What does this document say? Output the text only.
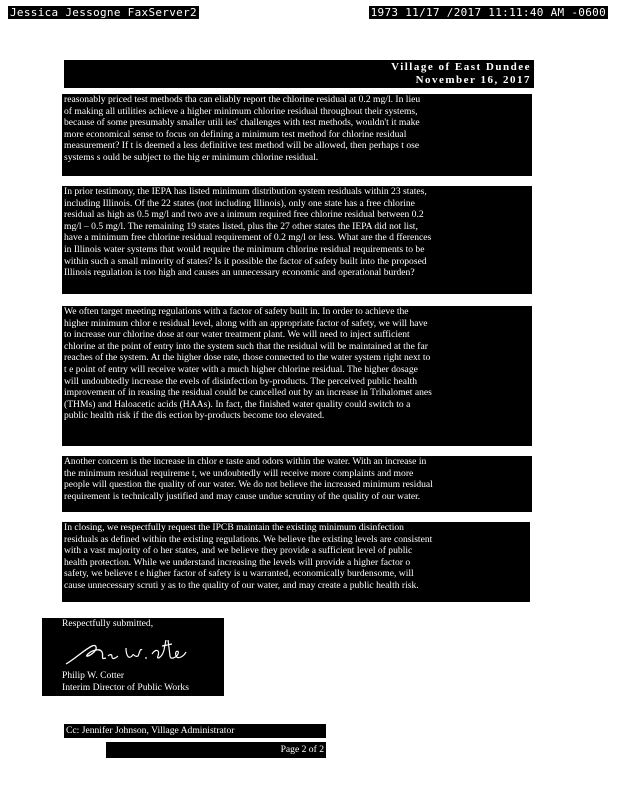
Jessica Jessogne FaxServer2	1973 11/17 /2017 11:11:40 AM -0600
Village of East Dundee
November 16, 2017
reasonably priced test methods tha can eliably report the chlorine residual at 0.2 mg/l. In lieu
of making all utilities achieve a higher minimum chlorine residual throughout their systems,
because of some presumably smaller utili ies' challenges with test methods, wouldn't it make
more economical sense to focus on defining a minimum test method for chlorine residual
measurement? If t is deemed a less definitive test method will be allowed, then perhaps t ose
systems s ould be subject to the hig er minimum chlorine residual.
In prior testimony, the IEPA has listed minimum distribution system residuals within 23 states,
including Illinois. Of the 22 states (not including Illinois), only one state has a free chlorine
residual as high as 0.5 mg/l and two ave a inimum required free chlorine residual between 0.2
mg/l – 0.5 mg/l. The remaining 19 states listed, plus the 27 other states the IEPA did not list,
have a minimum free chlorine residual requirement of 0.2 mg/l or less. What are the d fferences
in Illinois water systems that would require the minimum chlorine residual requirements to be
within such a small minority of states? Is it possible the factor of safety built into the proposed
Illinois regulation is too high and causes an unnecessary economic and operational burden?
We often target meeting regulations with a factor of safety built in. In order to achieve the
higher minimum chlor e residual level, along with an appropriate factor of safety, we will have
to increase our chlorine dose at our water treatment plant. We will need to inject sufficient
chlorine at the point of entry into the system such that the residual will be maintained at the far
reaches of the system. At the higher dose rate, those connected to the water system right next to
t e point of entry will receive water with a much higher chlorine residual. The higher dosage
will undoubtedly increase the evels of disinfection by-products. The perceived public health
improvement of in reasing the residual could be cancelled out by an increase in Trihalomet anes
(THMs) and Haloacetic acids (HAAs). In fact, the finished water quality could switch to a
public health risk if the dis ection by-products become too elevated.
Another concern is the increase in chlor e taste and odors within the water. With an increase in
the minimum residual requireme t, we undoubtedly will receive more complaints and more
people will question the quality of our water. We do not believe the increased minimum residual
requirement is technically justified and may cause undue scrutiny of the quality of our water.
In closing, we respectfully request the IPCB maintain the existing minimum disinfection
residuals as defined within the existing regulations. We believe the existing levels are consistent
with a vast majority of o her states, and we believe they provide a sufficient level of public
health protection. While we understand increasing the levels will provide a higher factor o
safety, we believe t e higher factor of safety is u warranted, economically burdensome, will
cause unnecessary scruti y as to the quality of our water, and may create a public health risk.
Respectfully submitted,
Philip W. Cotter
Interim Director of Public Works
Cc: Jennifer Johnson, Village Administrator
Page 2 of 2
